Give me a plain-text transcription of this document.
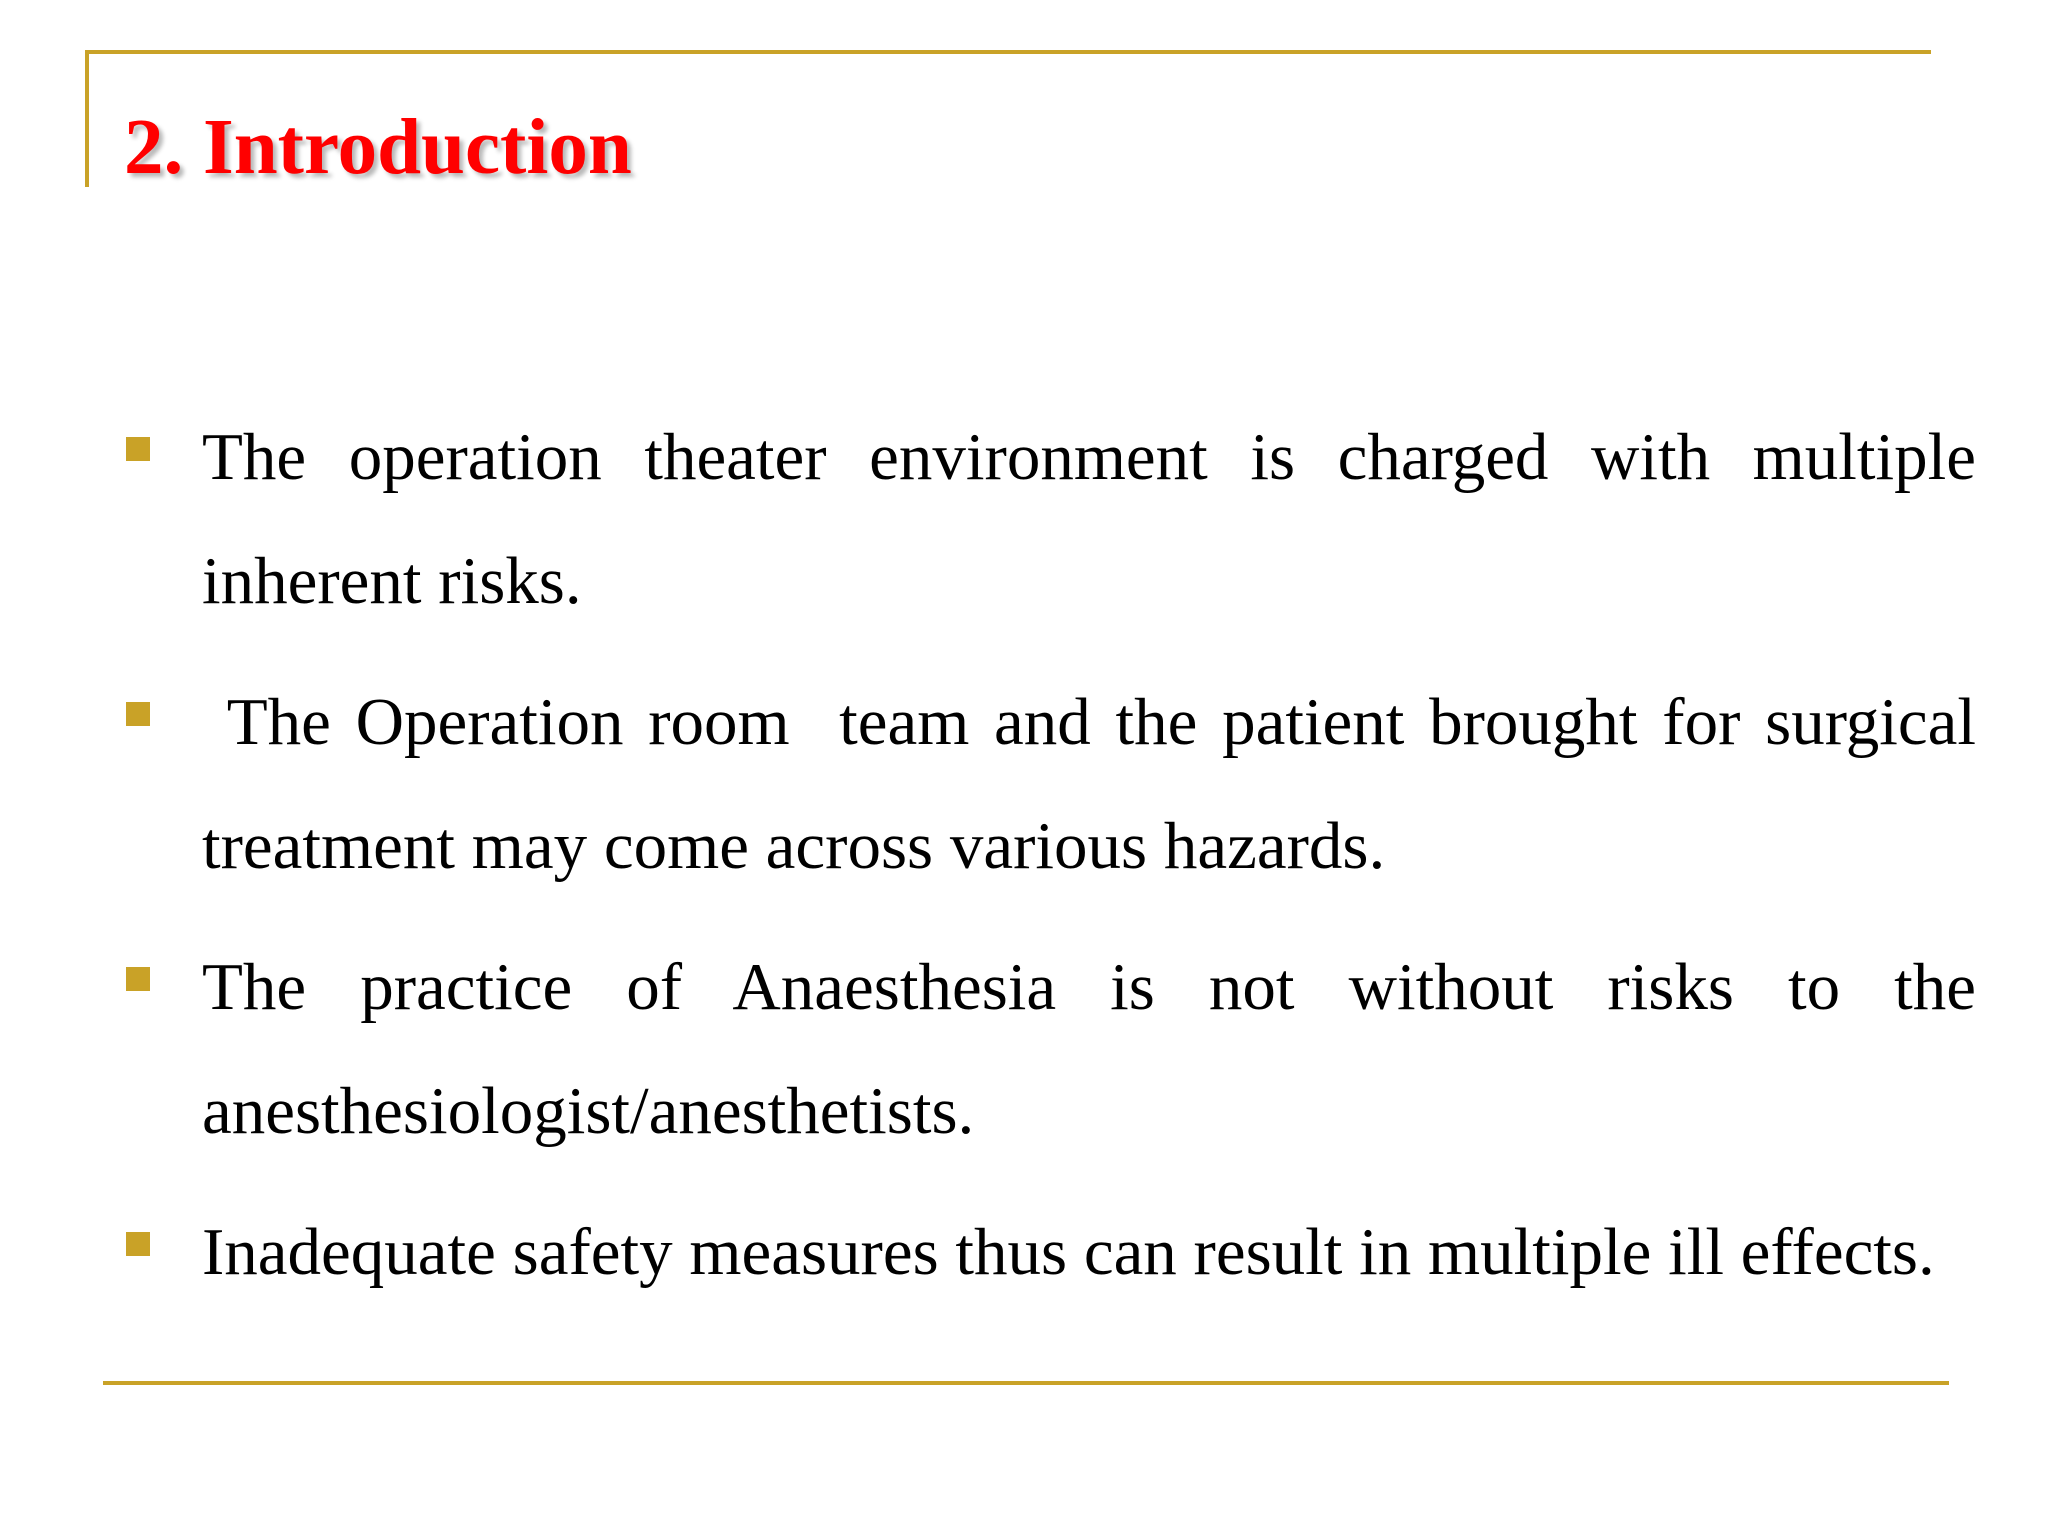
2. Introduction
The operation theater environment is charged with multiple inherent risks.
The Operation room  team and the patient brought for surgical treatment may come across various hazards.
The practice of Anaesthesia is not without risks to the anesthesiologist/anesthetists.
Inadequate safety measures thus can result in multiple ill effects.
